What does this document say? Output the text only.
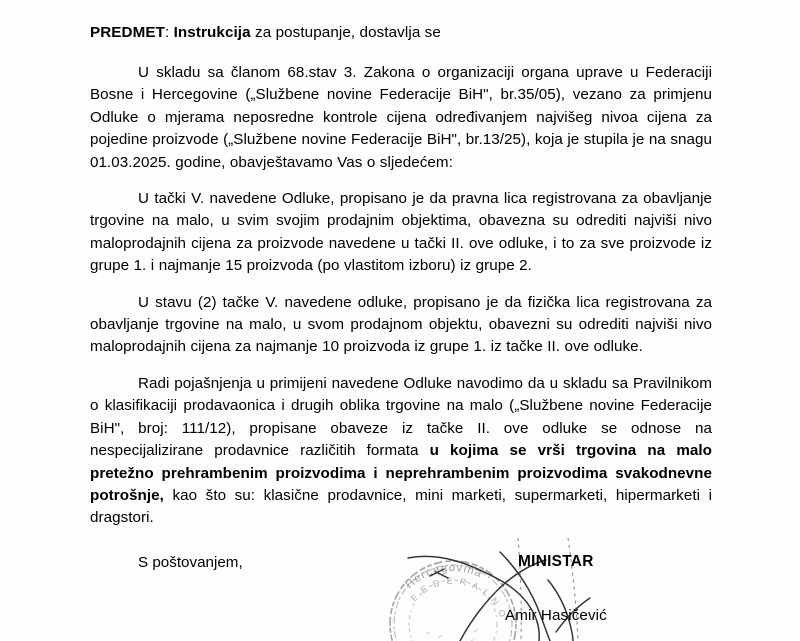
PREDMET: Instrukcija za postupanje, dostavlja se

U skladu sa članom 68.stav 3. Zakona o organizaciji organa uprave u Federaciji Bosne i Hercegovine („Službene novine Federacije BiH", br.35/05), vezano za primjenu Odluke o mjerama neposredne kontrole cijena određivanjem najvišeg nivoa cijena za pojedine proizvode („Službene novine Federacije BiH", br.13/25), koja je stupila je na snagu 01.03.2025. godine, obavještavamo Vas o sljedećem:

U tački V. navedene Odluke, propisano je da pravna lica registrovana za obavljanje trgovine na malo, u svim svojim prodajnim objektima, obavezna su odrediti najviši nivo maloprodajnih cijena za proizvode navedene u tački II. ove odluke, i to za sve proizvode iz grupe 1. i najmanje 15 proizvoda (po vlastitom izboru) iz grupe 2.

U stavu (2) tačke V. navedene odluke, propisano je da fizička lica registrovana za obavljanje trgovine na malo, u svom prodajnom objektu, obavezni su odrediti najviši nivo maloprodajnih cijena za najmanje 10 proizvoda iz grupe 1. iz tačke II. ove odluke.

Radi pojašnjenja u primijeni navedene Odluke navodimo da u skladu sa Pravilnikom o klasifikaciji prodavaonica i drugih oblika trgovine na malo („Službene novine Federacije BiH", broj: 111/12), propisane obaveze iz tačke II. ove odluke se odnose na nespecijalizirane prodavnice različitih formata u kojima se vrši trgovina na malo pretežno prehrambenim proizvodima i neprehrambenim proizvodima svakodnevne potrošnje, kao što su: klasične prodavnice, mini marketi, supermarketi, hipermarketi i dragstori.

S poštovanjem,
Hercegovina
F E D E R A L N O
MINISTAR
Amir Hasičević
